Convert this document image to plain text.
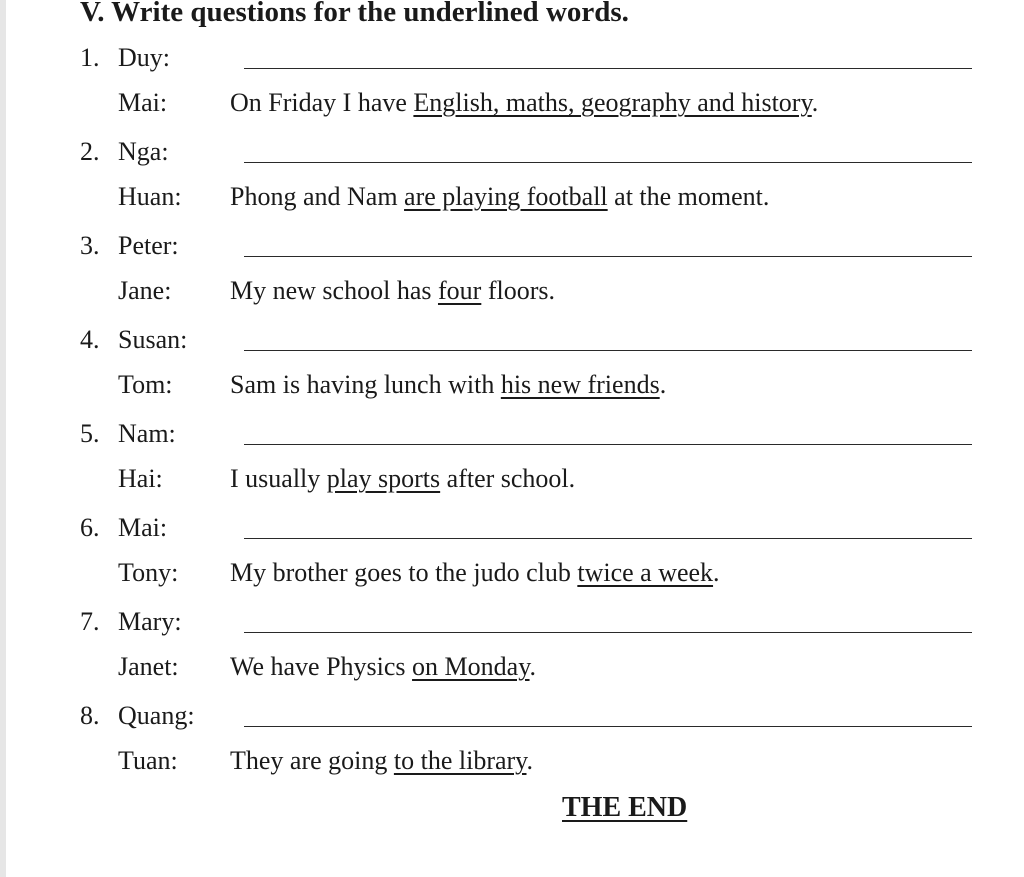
V. Write questions for the underlined words.
1. Duy:
Mai: On Friday I have English, maths, geography and history.
2. Nga:
Huan: Phong and Nam are playing football at the moment.
3. Peter:
Jane: My new school has four floors.
4. Susan:
Tom: Sam is having lunch with his new friends.
5. Nam:
Hai:	I usually play sports after school.
6. Mai:
Tony: My brother goes to the judo club twice a week.
7. Mary:
Janet: We have Physics on Monday.
8. Quang:
Tuan: They are going to the library.
THE END
